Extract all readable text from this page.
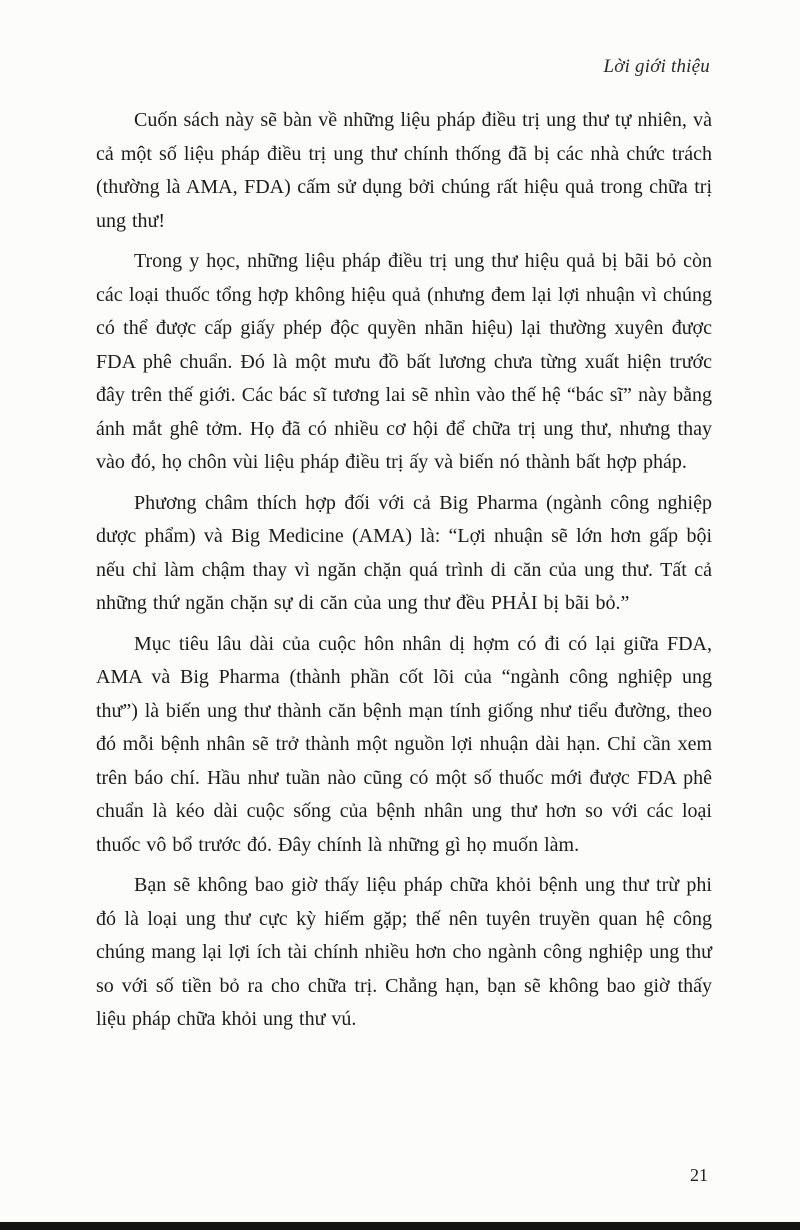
Lời giới thiệu

Cuốn sách này sẽ bàn về những liệu pháp điều trị ung thư tự nhiên, và cả một số liệu pháp điều trị ung thư chính thống đã bị các nhà chức trách (thường là AMA, FDA) cấm sử dụng bởi chúng rất hiệu quả trong chữa trị ung thư!

Trong y học, những liệu pháp điều trị ung thư hiệu quả bị bãi bỏ còn các loại thuốc tổng hợp không hiệu quả (nhưng đem lại lợi nhuận vì chúng có thể được cấp giấy phép độc quyền nhãn hiệu) lại thường xuyên được FDA phê chuẩn. Đó là một mưu đồ bất lương chưa từng xuất hiện trước đây trên thế giới. Các bác sĩ tương lai sẽ nhìn vào thế hệ “bác sĩ” này bằng ánh mắt ghê tởm. Họ đã có nhiều cơ hội để chữa trị ung thư, nhưng thay vào đó, họ chôn vùi liệu pháp điều trị ấy và biến nó thành bất hợp pháp.

Phương châm thích hợp đối với cả Big Pharma (ngành công nghiệp dược phẩm) và Big Medicine (AMA) là: “Lợi nhuận sẽ lớn hơn gấp bội nếu chỉ làm chậm thay vì ngăn chặn quá trình di căn của ung thư. Tất cả những thứ ngăn chặn sự di căn của ung thư đều PHẢI bị bãi bỏ.”

Mục tiêu lâu dài của cuộc hôn nhân dị hợm có đi có lại giữa FDA, AMA và Big Pharma (thành phần cốt lõi của “ngành công nghiệp ung thư”) là biến ung thư thành căn bệnh mạn tính giống như tiểu đường, theo đó mỗi bệnh nhân sẽ trở thành một nguồn lợi nhuận dài hạn. Chỉ cần xem trên báo chí. Hầu như tuần nào cũng có một số thuốc mới được FDA phê chuẩn là kéo dài cuộc sống của bệnh nhân ung thư hơn so với các loại thuốc vô bổ trước đó. Đây chính là những gì họ muốn làm.

Bạn sẽ không bao giờ thấy liệu pháp chữa khỏi bệnh ung thư trừ phi đó là loại ung thư cực kỳ hiếm gặp; thế nên tuyên truyền quan hệ công chúng mang lại lợi ích tài chính nhiều hơn cho ngành công nghiệp ung thư so với số tiền bỏ ra cho chữa trị. Chẳng hạn, bạn sẽ không bao giờ thấy liệu pháp chữa khỏi ung thư vú.

21
